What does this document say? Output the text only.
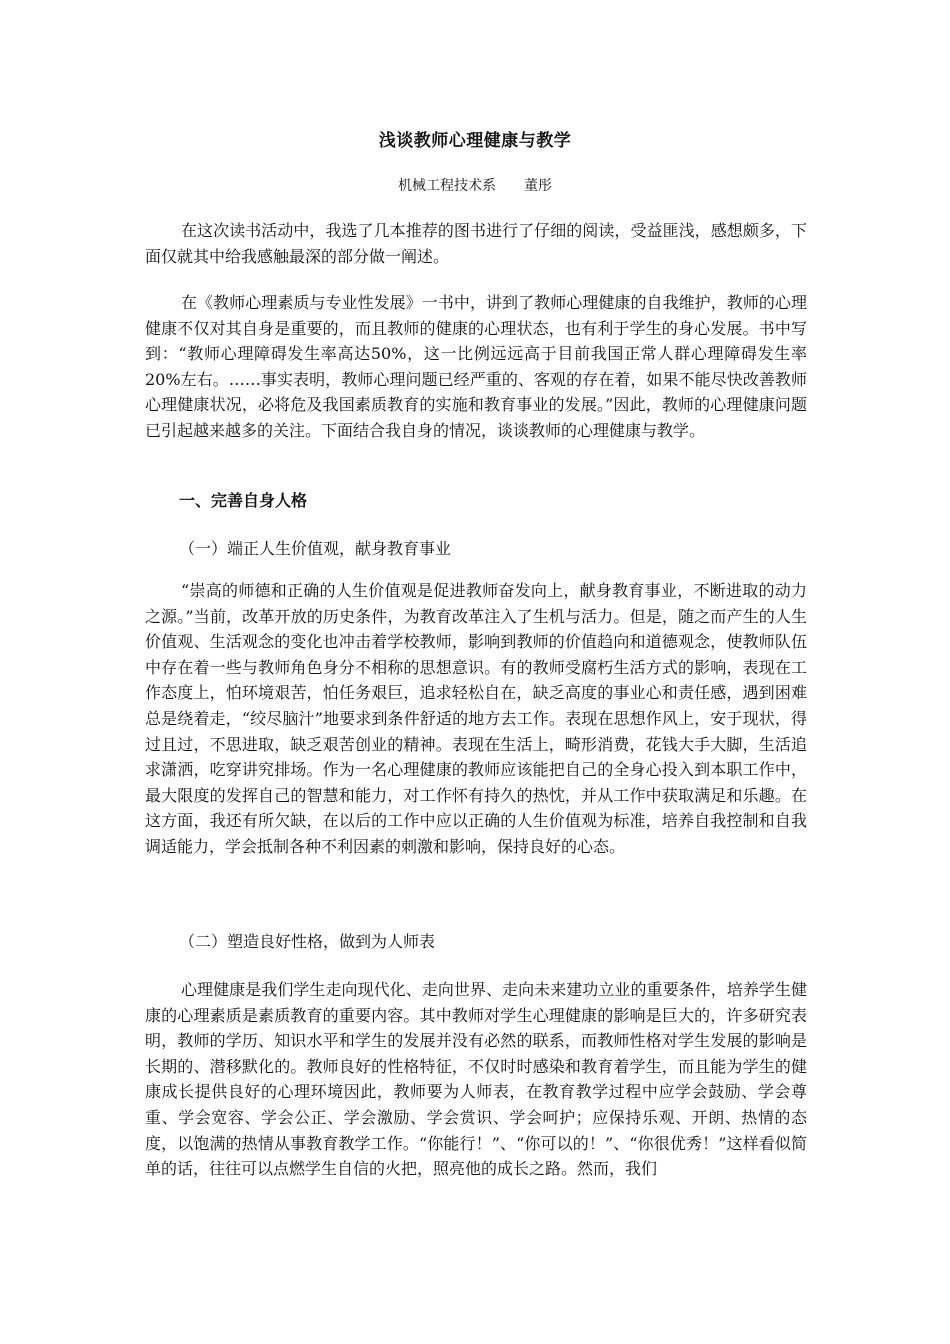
浅谈教师心理健康与教学
机械工程技术系 董彤

在这次读书活动中，我选了几本推荐的图书进行了仔细的阅读，受益匪浅，感想颇多，下面仅就其中给我感触最深的部分做一阐述。

在《教师心理素质与专业性发展》一书中，讲到了教师心理健康的自我维护，教师的心理健康不仅对其自身是重要的，而且教师的健康的心理状态，也有利于学生的身心发展。书中写到：“教师心理障碍发生率高达50%，这一比例远远高于目前我国正常人群心理障碍发生率20%左右。……事实表明，教师心理问题已经严重的、客观的存在着，如果不能尽快改善教师心理健康状况，必将危及我国素质教育的实施和教育事业的发展。”因此，教师的心理健康问题已引起越来越多的关注。下面结合我自身的情况，谈谈教师的心理健康与教学。

一、完善自身人格

（一）端正人生价值观，献身教育事业

“崇高的师德和正确的人生价值观是促进教师奋发向上，献身教育事业，不断进取的动力之源。”当前，改革开放的历史条件，为教育改革注入了生机与活力。但是，随之而产生的人生价值观、生活观念的变化也冲击着学校教师，影响到教师的价值趋向和道德观念，使教师队伍中存在着一些与教师角色身分不相称的思想意识。有的教师受腐朽生活方式的影响，表现在工作态度上，怕环境艰苦，怕任务艰巨，追求轻松自在，缺乏高度的事业心和责任感，遇到困难总是绕着走，“绞尽脑汁”地要求到条件舒适的地方去工作。表现在思想作风上，安于现状，得过且过，不思进取，缺乏艰苦创业的精神。表现在生活上，畸形消费，花钱大手大脚，生活追求潇洒，吃穿讲究排场。作为一名心理健康的教师应该能把自己的全身心投入到本职工作中，最大限度的发挥自己的智慧和能力，对工作怀有持久的热忱，并从工作中获取满足和乐趣。在这方面，我还有所欠缺，在以后的工作中应以正确的人生价值观为标准，培养自我控制和自我调适能力，学会抵制各种不利因素的刺激和影响，保持良好的心态。

（二）塑造良好性格，做到为人师表

心理健康是我们学生走向现代化、走向世界、走向未来建功立业的重要条件，培养学生健康的心理素质是素质教育的重要内容。其中教师对学生心理健康的影响是巨大的，许多研究表明，教师的学历、知识水平和学生的发展并没有必然的联系，而教师性格对学生发展的影响是长期的、潜移默化的。教师良好的性格特征，不仅时时感染和教育着学生，而且能为学生的健康成长提供良好的心理环境因此，教师要为人师表，在教育教学过程中应学会鼓励、学会尊重、学会宽容、学会公正、学会激励、学会赏识、学会呵护；应保持乐观、开朗、热情的态度，以饱满的热情从事教育教学工作。“你能行！”、“你可以的！”、“你很优秀！”这样看似简单的话，往往可以点燃学生自信的火把，照亮他的成长之路。然而，我们
